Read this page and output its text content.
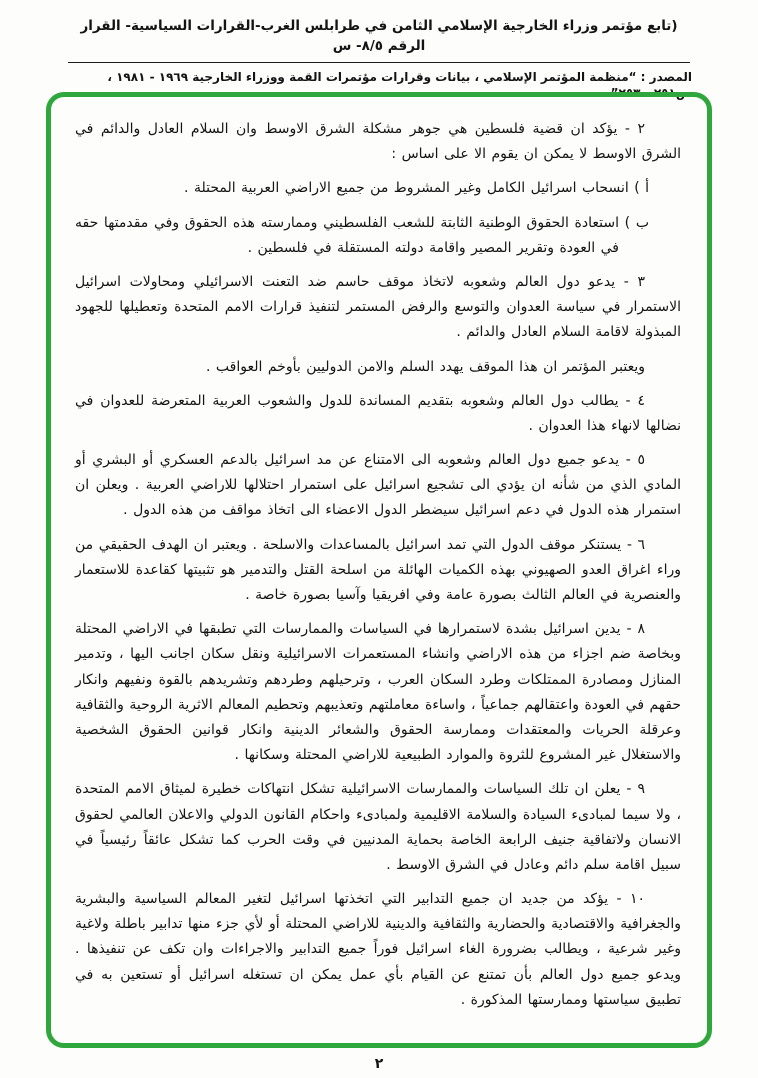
(تابع مؤتمر وزراء الخارجية الإسلامي الثامن في طرابلس الغرب-القرارات السياسية- القرار الرقم ٨/٥- س
المصدر : “منظمة المؤتمر الإسلامي ، بيانات وقرارات مؤتمرات القمة ووزراء الخارجية ١٩٦٩ - ١٩٨١ ، ص٢٥١ - ٢٥٣”

٢ - يؤكد ان قضية فلسطين هي جوهر مشكلة الشرق الاوسط وان السلام العادل والدائم في الشرق الاوسط لا يمكن ان يقوم الا على اساس :

أ ) انسحاب اسرائيل الكامل وغير المشروط من جميع الاراضي العربية المحتلة .

ب ) استعادة الحقوق الوطنية الثابتة للشعب الفلسطيني وممارسته هذه الحقوق وفي مقدمتها حقه في العودة وتقرير المصير واقامة دولته المستقلة في فلسطين .

٣ - يدعو دول العالم وشعوبه لاتخاذ موقف حاسم ضد التعنت الاسرائيلي ومحاولات اسرائيل الاستمرار في سياسة العدوان والتوسع والرفض المستمر لتنفيذ قرارات الامم المتحدة وتعطيلها للجهود المبذولة لاقامة السلام العادل والدائم .

ويعتبر المؤتمر ان هذا الموقف يهدد السلم والامن الدوليين بأوخم العواقب .

٤ - يطالب دول العالم وشعوبه بتقديم المساندة للدول والشعوب العربية المتعرضة للعدوان في نضالها لانهاء هذا العدوان .

٥ - يدعو جميع دول العالم وشعوبه الى الامتناع عن مد اسرائيل بالدعم العسكري أو البشري أو المادي الذي من شأنه ان يؤدي الى تشجيع اسرائيل على استمرار احتلالها للاراضي العربية . ويعلن ان استمرار هذه الدول في دعم اسرائيل سيضطر الدول الاعضاء الى اتخاذ مواقف من هذه الدول .

٦ - يستنكر موقف الدول التي تمد اسرائيل بالمساعدات والاسلحة . ويعتبر ان الهدف الحقيقي من وراء اغراق العدو الصهيوني بهذه الكميات الهائلة من اسلحة القتل والتدمير هو تثبيتها كقاعدة للاستعمار والعنصرية في العالم الثالث بصورة عامة وفي افريقيا وآسيا بصورة خاصة .

٨ - يدين اسرائيل بشدة لاستمرارها في السياسات والممارسات التي تطبقها في الاراضي المحتلة وبخاصة ضم اجزاء من هذه الاراضي وانشاء المستعمرات الاسرائيلية ونقل سكان اجانب اليها ، وتدمير المنازل ومصادرة الممتلكات وطرد السكان العرب ، وترحيلهم وطردهم وتشريدهم بالقوة ونفيهم وانكار حقهم في العودة واعتقالهم جماعياً ، واساءة معاملتهم وتعذيبهم وتحطيم المعالم الاثرية الروحية والثقافية وعرقلة الحريات والمعتقدات وممارسة الحقوق والشعائر الدينية وانكار قوانين الحقوق الشخصية والاستغلال غير المشروع للثروة والموارد الطبيعية للاراضي المحتلة وسكانها .

٩ - يعلن ان تلك السياسات والممارسات الاسرائيلية تشكل انتهاكات خطيرة لميثاق الامم المتحدة ، ولا سيما لمبادىء السيادة والسلامة الاقليمية ولمبادىء واحكام القانون الدولي والاعلان العالمي لحقوق الانسان ولاتفاقية جنيف الرابعة الخاصة بحماية المدنيين في وقت الحرب كما تشكل عائقاً رئيسياً في سبيل اقامة سلم دائم وعادل في الشرق الاوسط .

١٠ - يؤكد من جديد ان جميع التدابير التي اتخذتها اسرائيل لتغير المعالم السياسية والبشرية والجغرافية والاقتصادية والحضارية والثقافية والدينية للاراضي المحتلة أو لأي جزء منها تدابير باطلة ولاغية وغير شرعية ، ويطالب بضرورة الغاء اسرائيل فوراً جميع التدابير والاجراءات وان تكف عن تنفيذها . ويدعو جميع دول العالم بأن تمتنع عن القيام بأي عمل يمكن ان تستغله اسرائيل أو تستعين به في تطبيق سياستها وممارستها المذكورة .

٢
